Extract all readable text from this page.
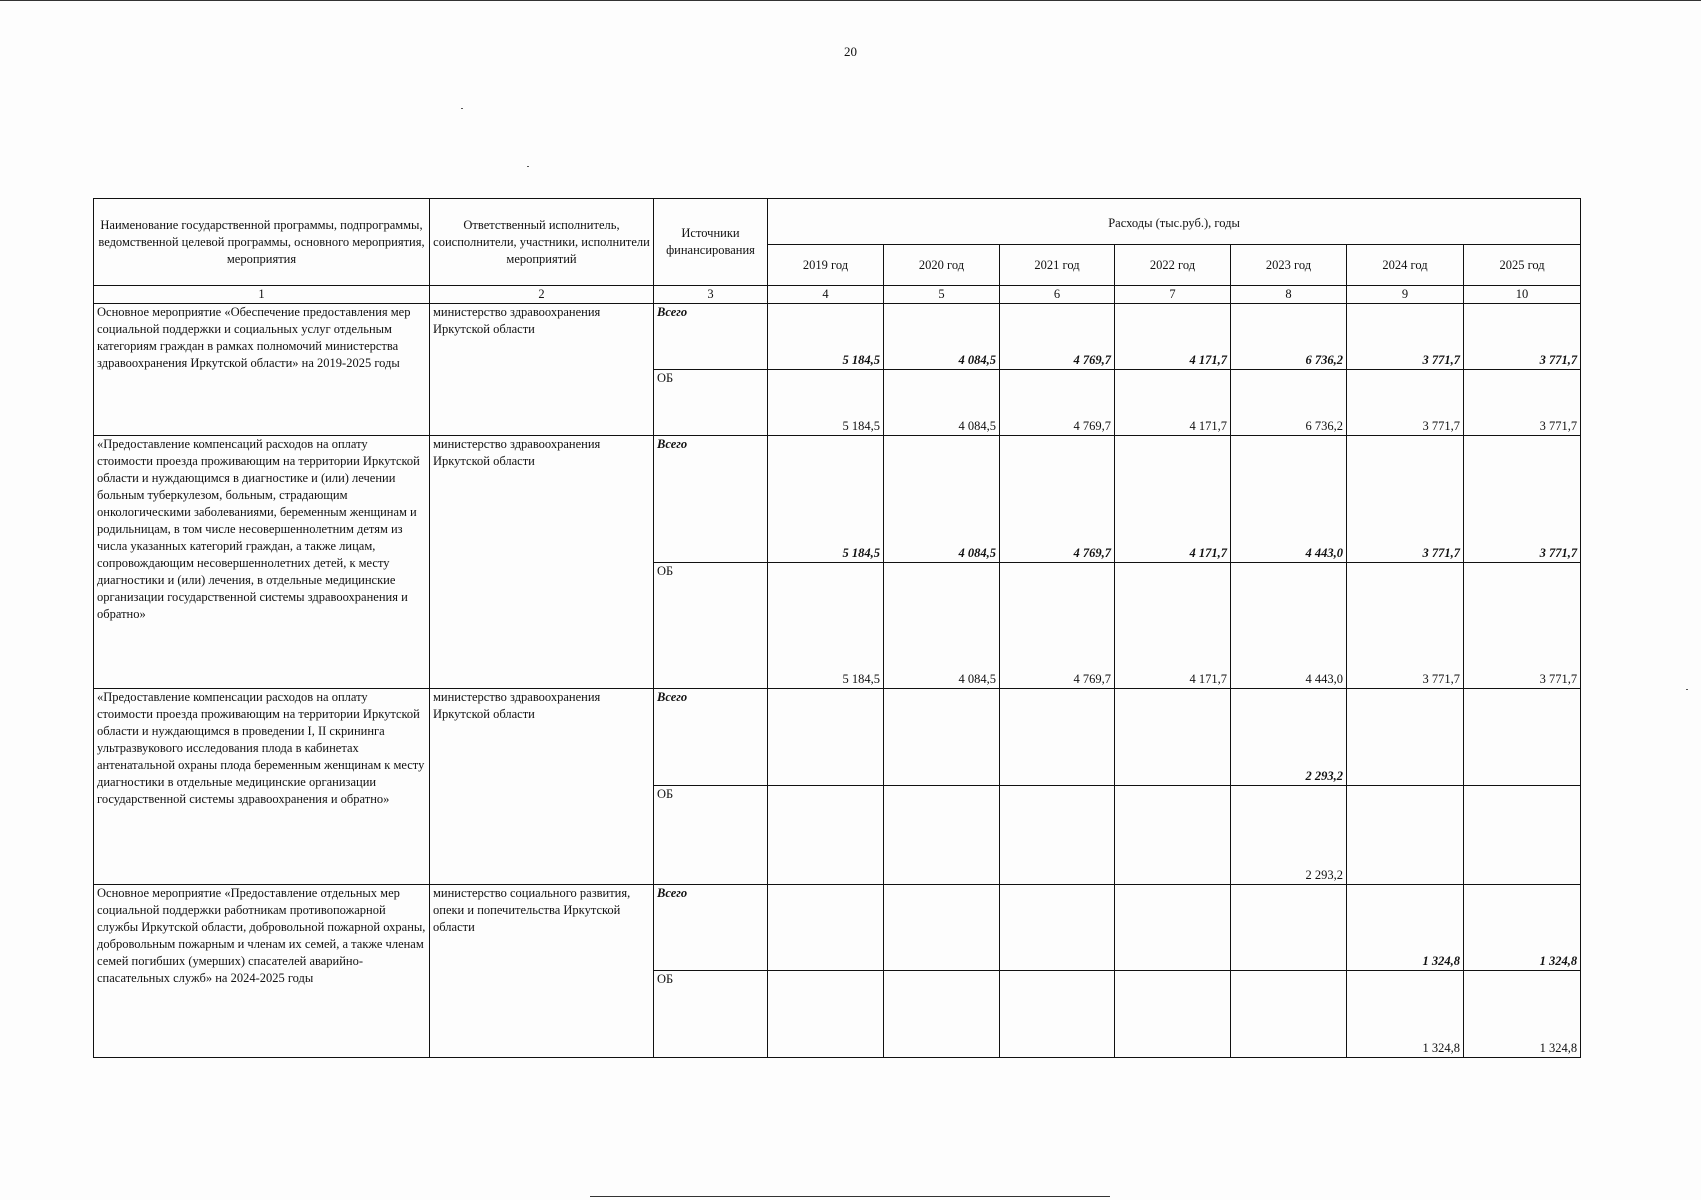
20
Наименование государственной программы, подпрограммы, ведомственной целевой программы, основного мероприятия, мероприятия	Ответственный исполнитель, соисполнители, участники, исполнители мероприятий	Источники финансирования	Расходы (тыс.руб.), годы						
			2019 год	2020 год	2021 год	2022 год	2023 год	2024 год	2025 год
1	2	3	4	5	6	7	8	9	10
Основное мероприятие «Обеспечение предоставления мер социальной поддержки и социальных услуг отдельным категориям граждан в рамках полномочий министерства здравоохранения Иркутской области» на 2019-2025 годы	министерство здравоохранения Иркутской области	Всего	5 184,5	4 084,5	4 769,7	4 171,7	6 736,2	3 771,7	3 771,7
		ОБ	5 184,5	4 084,5	4 769,7	4 171,7	6 736,2	3 771,7	3 771,7
«Предоставление компенсаций расходов на оплату стоимости проезда проживающим на территории Иркутской области и нуждающимся в диагностике и (или) лечении больным туберкулезом, больным, страдающим онкологическими заболеваниями, беременным женщинам и родильницам, в том числе несовершеннолетним детям из числа указанных категорий граждан, а также лицам, сопровождающим несовершеннолетних детей, к месту диагностики и (или) лечения, в отдельные медицинские организации государственной системы здравоохранения и обратно»	министерство здравоохранения Иркутской области	Всего	5 184,5	4 084,5	4 769,7	4 171,7	4 443,0	3 771,7	3 771,7
		ОБ	5 184,5	4 084,5	4 769,7	4 171,7	4 443,0	3 771,7	3 771,7
«Предоставление компенсации расходов на оплату стоимости проезда проживающим на территории Иркутской области и нуждающимся в проведении I, II скрининга ультразвукового исследования плода в кабинетах антенатальной охраны плода беременным женщинам к месту диагностики в отдельные медицинские организации государственной системы здравоохранения и обратно»	министерство здравоохранения Иркутской области	Всего					2 293,2		
		ОБ					2 293,2		
Основное мероприятие «Предоставление отдельных мер социальной поддержки работникам противопожарной службы Иркутской области, добровольной пожарной охраны, добровольным пожарным и членам их семей, а также членам семей погибших (умерших) спасателей аварийно-спасательных служб» на 2024-2025 годы	министерство социального развития, опеки и попечительства Иркутской области	Всего						1 324,8	1 324,8
		ОБ						1 324,8	1 324,8
